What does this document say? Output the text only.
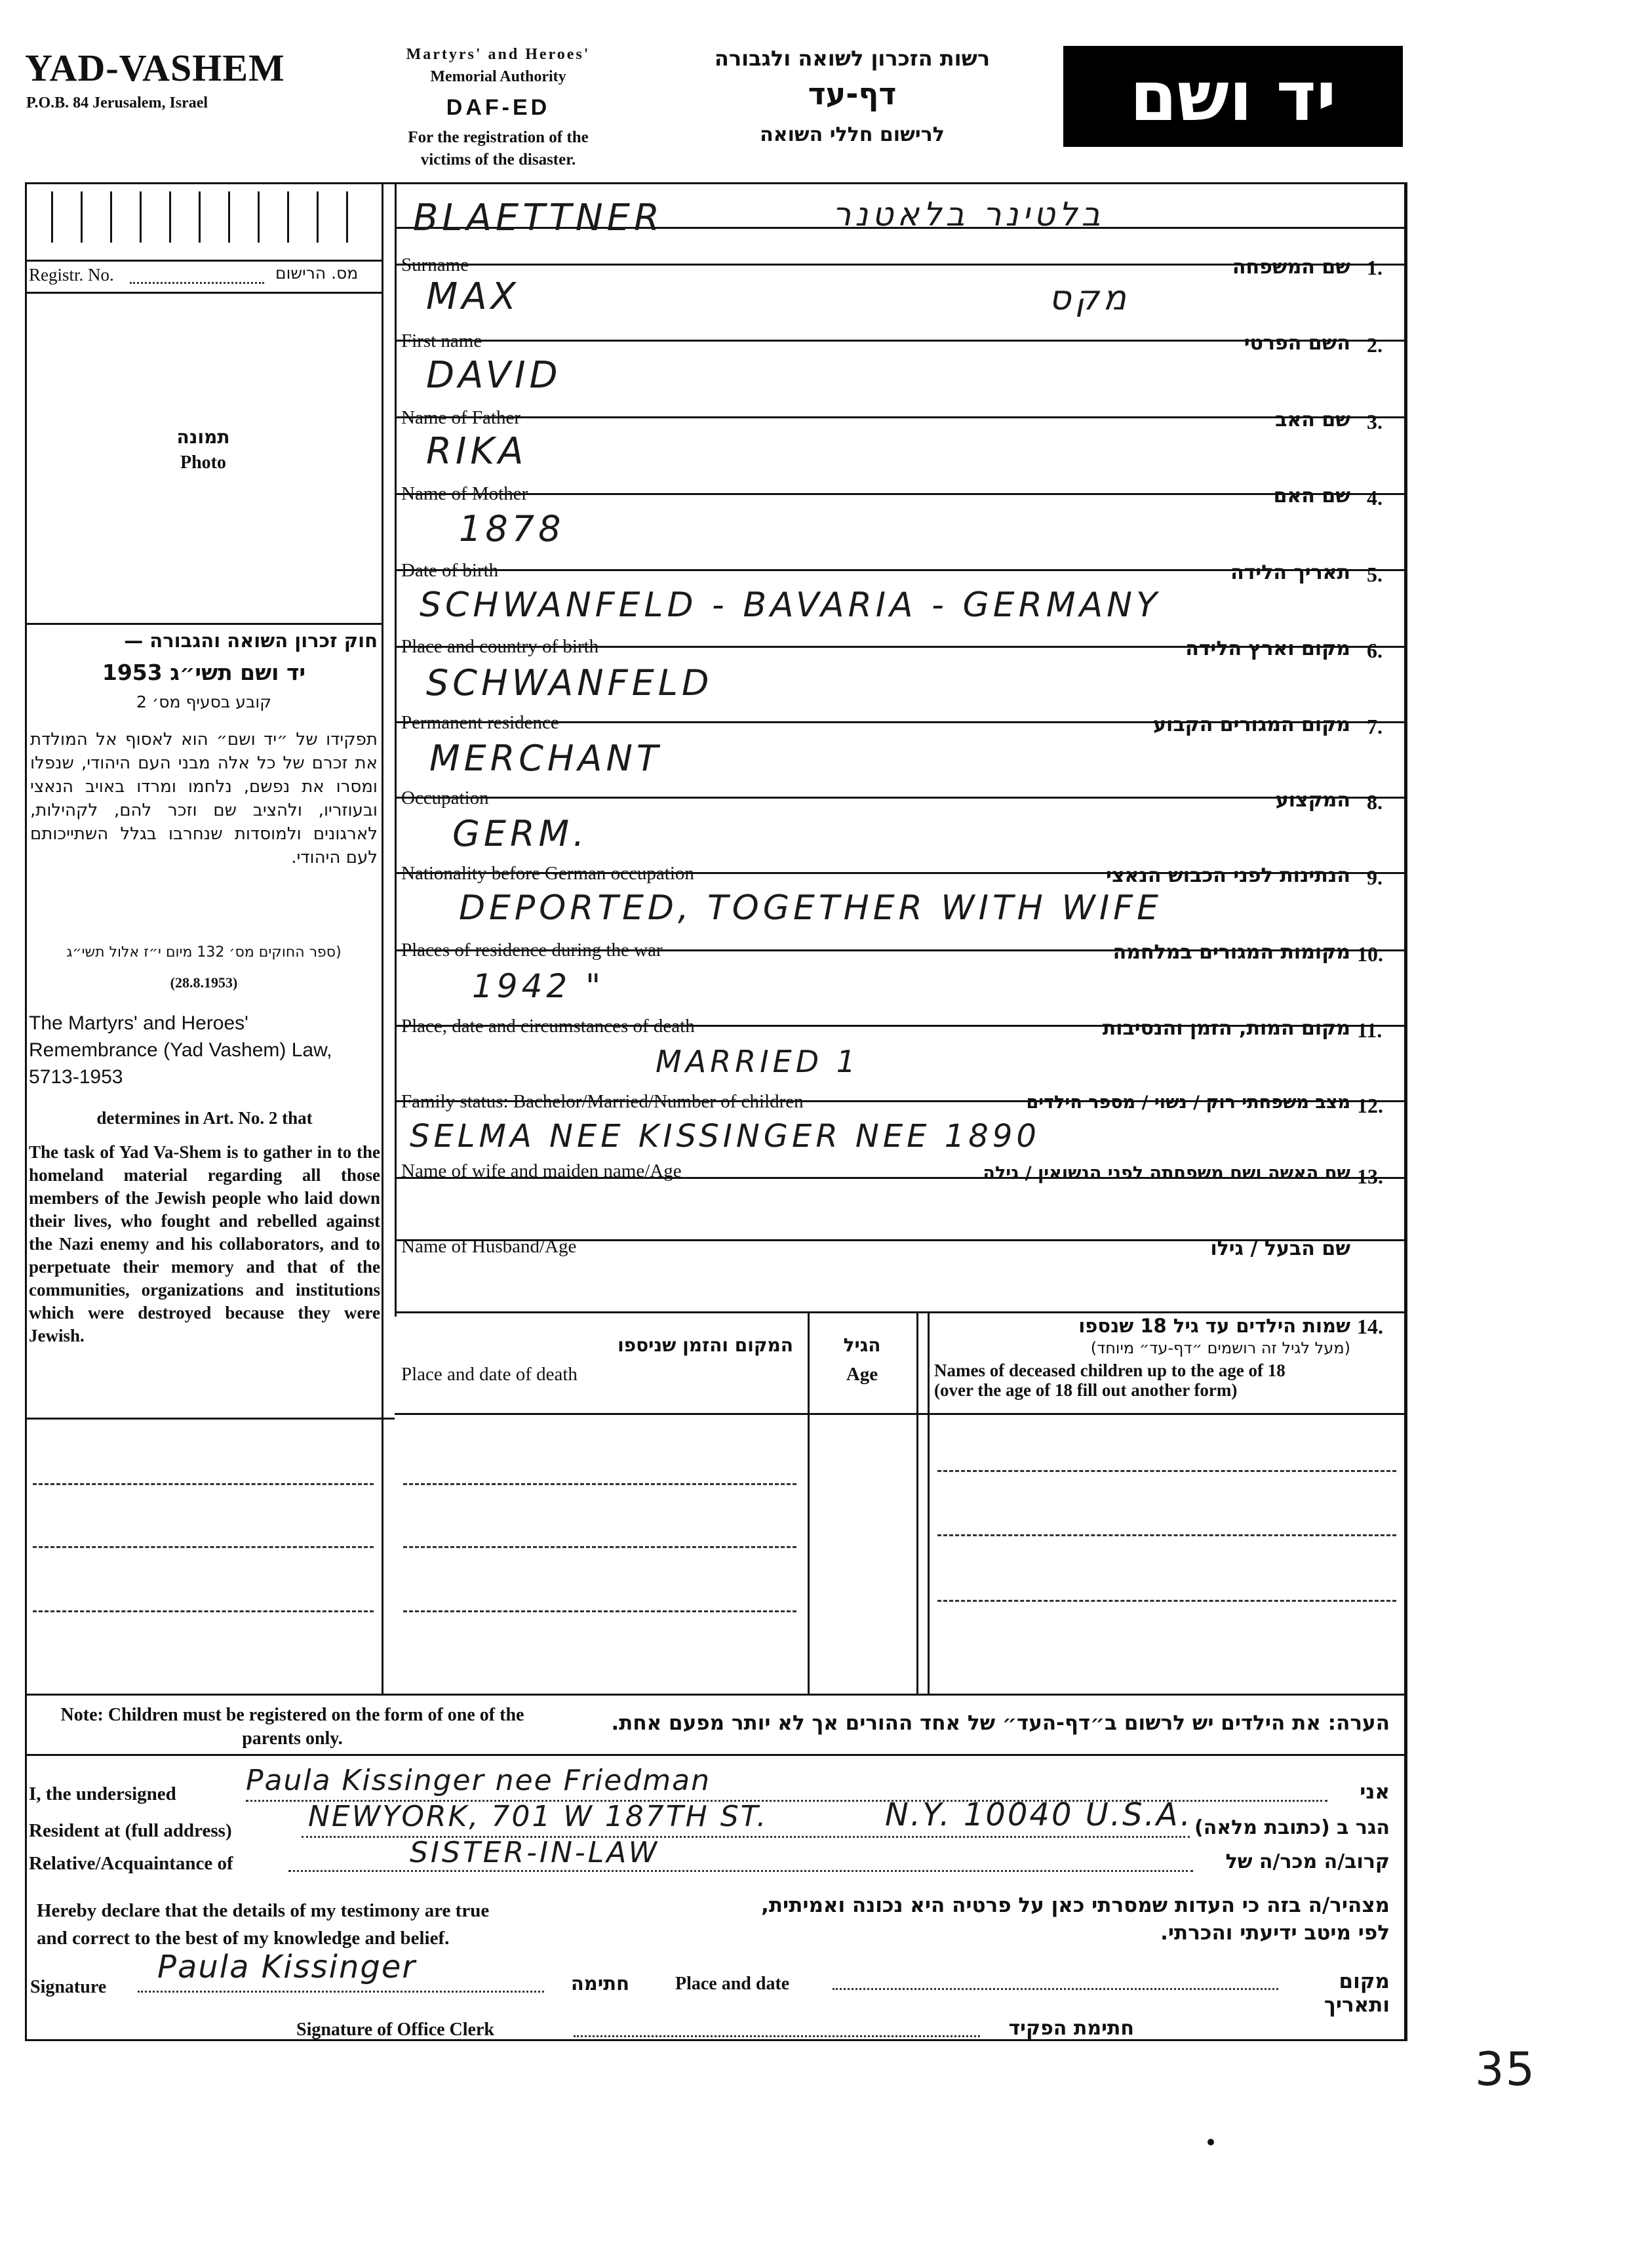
YAD-VASHEM
P.O.B. 84 Jerusalem, Israel
Martyrs' and Heroes'
Memorial Authority
DAF-ED
For the registration of the
victims of the disaster.
רשות הזכרון לשואה ולגבורה
דף-עד
לרישום חללי השואה	יד ושם
Registr. No.	מס. הרישום
תמונה
Photo
חוק זכרון השואה והגבורה —
יד ושם תשי״ג 1953
קובע בסעיף מס׳ 2
תפקידו של ״יד ושם״ הוא לאסוף אל המולדת את זכרם של כל אלה מבני העם היהודי, שנפלו ומסרו את נפשם, נלחמו ומרדו באויב הנאצי ובעוזריו, ולהציב שם וזכר להם, לקהילות, לארגונים ולמוסדות שנחרבו בגלל השתייכותם לעם היהודי.
(ספר החוקים מס׳ 132 מיום י״ז אלול תשי״ג
(28.8.1953)
The Martyrs' and Heroes' Remembrance (Yad Vashem) Law, 5713-1953
determines in Art. No. 2 that
The task of Yad Va-Shem is to gather in to the homeland material regarding all those members of the Jewish people who laid down their lives, who fought and rebelled against the Nazi enemy and his collaborators, and to perpetuate their memory and that of the communities, organizations and institutions which were destroyed because they were Jewish.
BLAETTNER	בלטינר בלאטנר
Surname	שם המשפחה 1.
MAX	מקס
First name	השם הפרטי 2.
DAVID
Name of Father	שם האב 3.
RIKA
Name of Mother	שם האם 4.
1878
Date of birth	תאריך הלידה 5.
SCHWANFELD - BAVARIA - GERMANY
Place and country of birth	מקום וארץ הלידה 6.
SCHWANFELD
Permanent residence	מקום המגורים הקבוע 7.
MERCHANT
Occupation	המקצוע 8.
GERM.
Nationality before German occupation	הנתינות לפני הכבוש הנאצי 9.
DEPORTED, TOGETHER WITH WIFE
Places of residence during the war	מקומות המגורים במלחמה 10.
1942 "
Place, date and circumstances of death	מקום המות, הזמן והנסיבות 11.
MARRIED 1
Family status: Bachelor/Married/Number of children	מצב משפחתי רוק / נשוי / מספר הילדים 12.
SELMA NEE KISSINGER NEE 1890
Name of wife and maiden name/Age	שם האשה ושם משפחתה לפני הנשואין / גילה 13.
Name of Husband/Age	שם הבעל / גילו
המקום והזמן שניספו
Place and date of death
הגיל
Age
שמות הילדים עד גיל 18 שנספו 14.
(מעל לגיל זה רושמים ״דף-עד״ מיוחד)
Names of deceased children up to the age of 18
(over the age of 18 fill out another form)
Note: Children must be registered on the form of one of the parents only.
הערה: את הילדים יש לרשום ב״דף-העד״ של אחד ההורים אך לא יותר מפעם אחת.
I, the undersigned Paula Kissinger nee Friedman	אני
Resident at (full address)	NEWYORK, 701 W 187TH ST.	N.Y. 10040 U.S.A. הגר ב (כתובת מלאה)
Relative/Acquaintance of	SISTER-IN-LAW	קרוב/ה מכר/ה של
Hereby declare that the details of my testimony are true
and correct to the best of my knowledge and belief.
מצהיר/ה בזה כי העדות שמסרתי כאן על פרטיה היא נכונה ואמיתית,
לפי מיטב ידיעתי והכרתי.
Signature
Paula Kissinger	חתימה	Place and date	מקום ותאריך
Signature of Office Clerk	חתימת הפקיד
35
